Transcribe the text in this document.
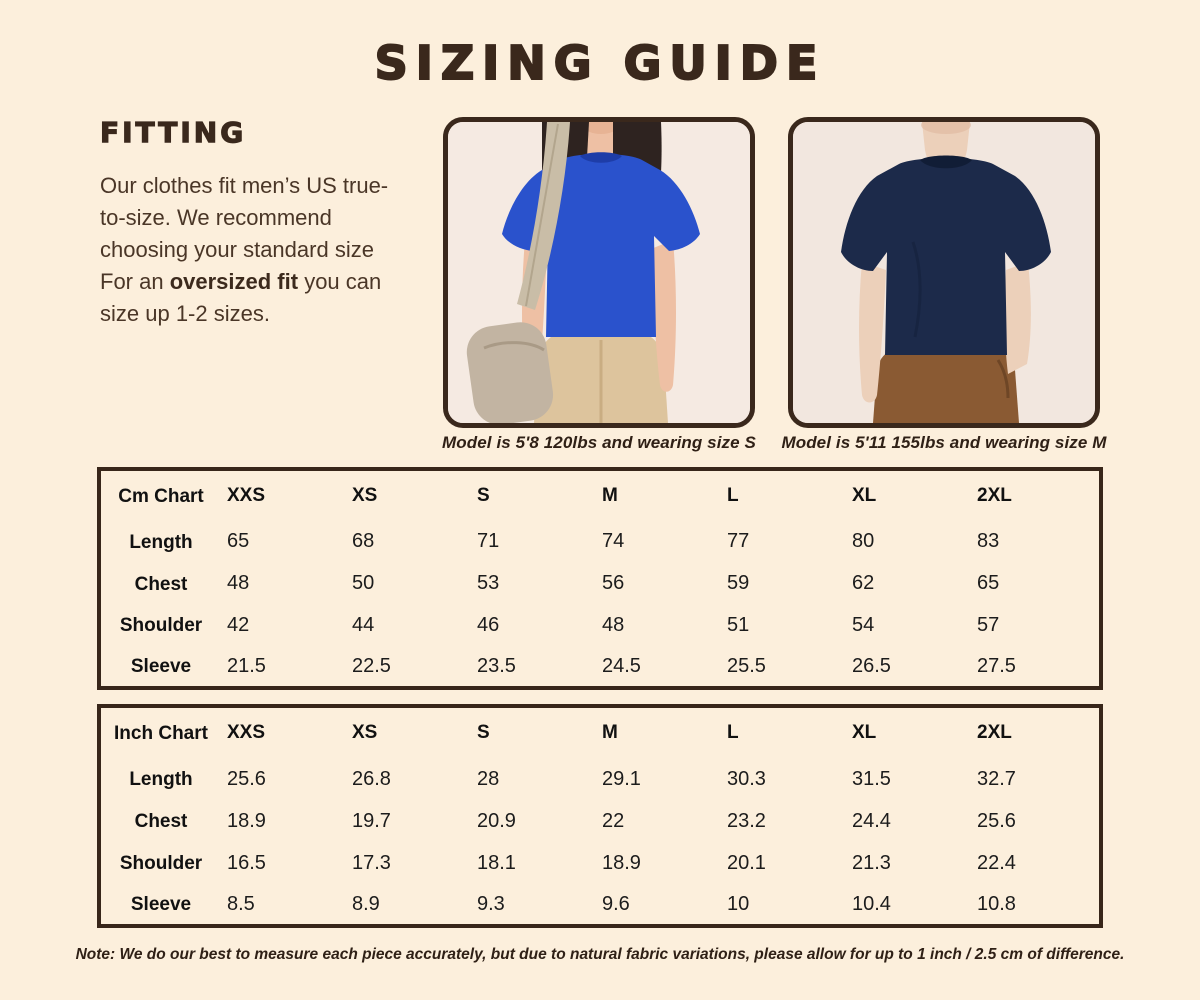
SIZING GUIDE
FITTING

Our clothes fit men’s US true-to-size. We recommend choosing your standard size For an oversized fit you can size up 1-2 sizes.

Model is 5'8 120lbs and wearing size S	Model is 5'11 155lbs and wearing size M
Cm Chart	XXS	XS	S	M	L	XL	2XL
Length	65	68	71	74	77	80	83
Chest	48	50	53	56	59	62	65
Shoulder	42	44	46	48	51	54	57
Sleeve	21.5	22.5	23.5	24.5	25.5	26.5	27.5
Inch Chart	XXS	XS	S	M	L	XL	2XL
Length	25.6	26.8	28	29.1	30.3	31.5	32.7
Chest	18.9	19.7	20.9	22	23.2	24.4	25.6
Shoulder	16.5	17.3	18.1	18.9	20.1	21.3	22.4
Sleeve	8.5	8.9	9.3	9.6	10	10.4	10.8

Note: We do our best to measure each piece accurately, but due to natural fabric variations, please allow for up to 1 inch / 2.5 cm of difference.
